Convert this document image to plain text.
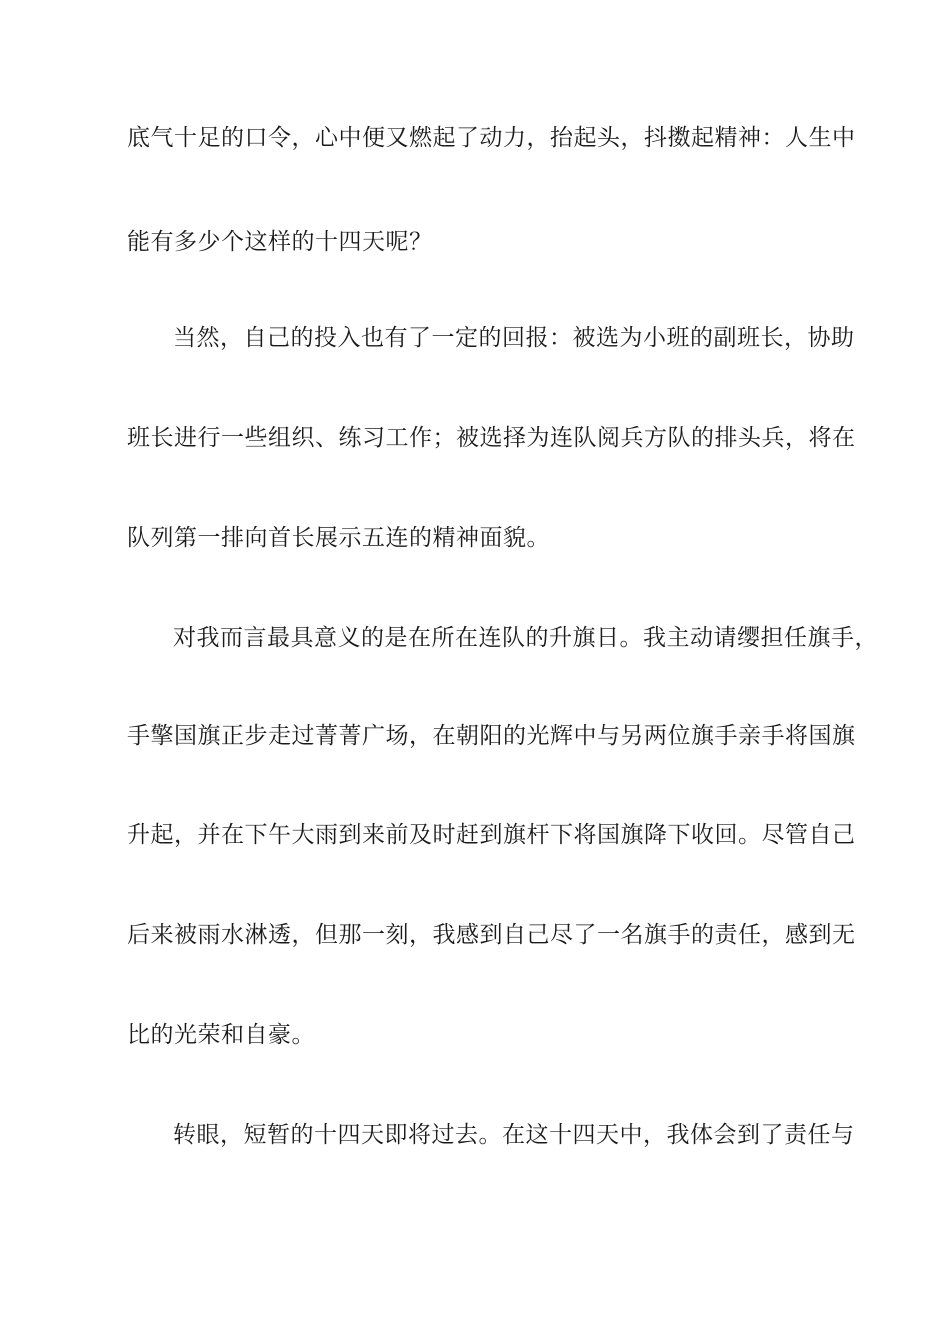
底气十足的口令，心中便又燃起了动力，抬起头，抖擞起精神：人生中

能有多少个这样的十四天呢？

当然，自己的投入也有了一定的回报：被选为小班的副班长，协助

班长进行一些组织、练习工作；被选择为连队阅兵方队的排头兵，将在

队列第一排向首长展示五连的精神面貌。

对我而言最具意义的是在所在连队的升旗日。我主动请缨担任旗手，

手擎国旗正步走过菁菁广场，在朝阳的光辉中与另两位旗手亲手将国旗

升起，并在下午大雨到来前及时赶到旗杆下将国旗降下收回。尽管自己

后来被雨水淋透，但那一刻，我感到自己尽了一名旗手的责任，感到无

比的光荣和自豪。

转眼，短暂的十四天即将过去。在这十四天中，我体会到了责任与
